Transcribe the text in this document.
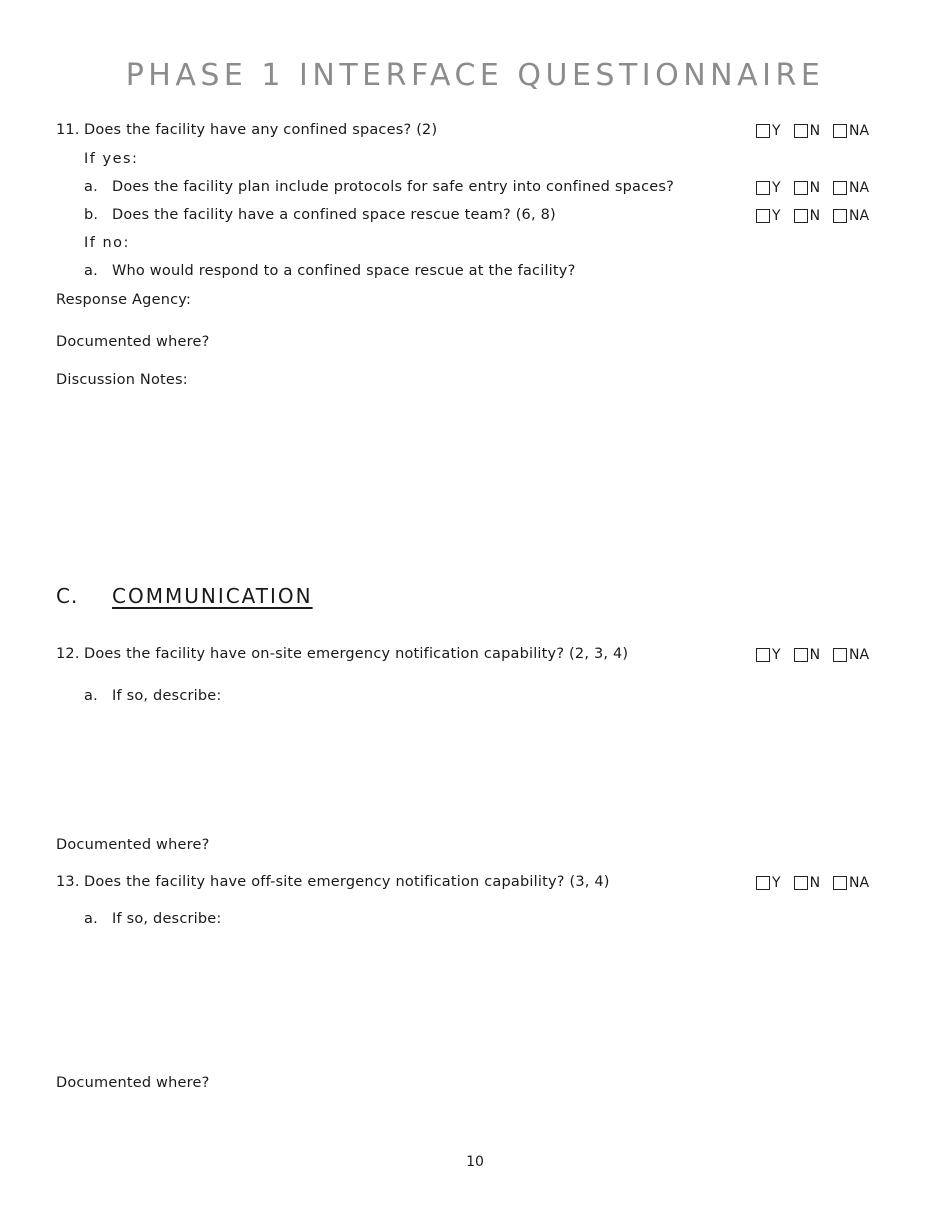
PHASE 1 INTERFACE QUESTIONNAIRE
11. Does the facility have any confined spaces? (2)	Y N NA
If yes:
a. Does the facility plan include protocols for safe entry into confined spaces?	Y N NA
b. Does the facility have a confined space rescue team? (6, 8)	Y N NA
If no:
a. Who would respond to a confined space rescue at the facility?
Response Agency:
Documented where?
Discussion Notes:
C. COMMUNICATION
12. Does the facility have on-site emergency notification capability? (2, 3, 4)	Y N NA
a. If so, describe:
Documented where?
13. Does the facility have off-site emergency notification capability? (3, 4)	Y N NA
a. If so, describe:
Documented where?
10
